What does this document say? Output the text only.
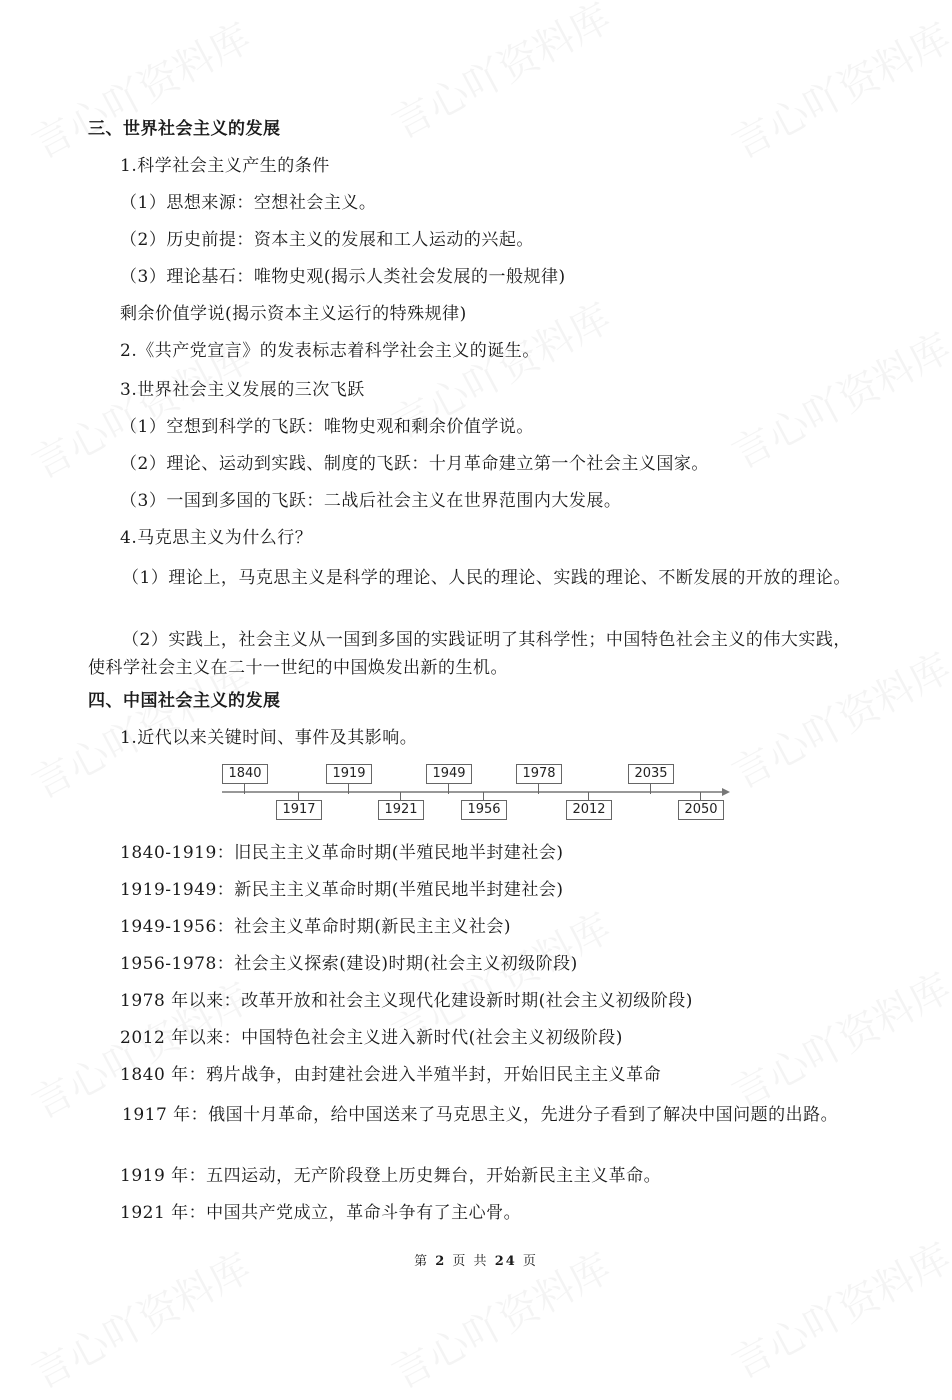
三、世界社会主义的发展
1.科学社会主义产生的条件
（1）思想来源：空想社会主义。
（2）历史前提：资本主义的发展和工人运动的兴起。
（3）理论基石：唯物史观(揭示人类社会发展的一般规律)
剩余价值学说(揭示资本主义运行的特殊规律)
2.《共产党宣言》的发表标志着科学社会主义的诞生。
3.世界社会主义发展的三次飞跃
（1）空想到科学的飞跃：唯物史观和剩余价值学说。
（2）理论、运动到实践、制度的飞跃：十月革命建立第一个社会主义国家。
（3）一国到多国的飞跃：二战后社会主义在世界范围内大发展。
4.马克思主义为什么行？
（1）理论上，马克思主义是科学的理论、人民的理论、实践的理论、不断发展的开放的理论。
（2）实践上，社会主义从一国到多国的实践证明了其科学性；中国特色社会主义的伟大实践，使科学社会主义在二十一世纪的中国焕发出新的生机。
四、中国社会主义的发展
1.近代以来关键时间、事件及其影响。
1840	1919	1949	1978	2035
1917	1921	1956	2012	2050
1840-1919：旧民主主义革命时期(半殖民地半封建社会)
1919-1949：新民主主义革命时期(半殖民地半封建社会)
1949-1956：社会主义革命时期(新民主主义社会)
1956-1978：社会主义探索(建设)时期(社会主义初级阶段)
1978 年以来：改革开放和社会主义现代化建设新时期(社会主义初级阶段)
2012 年以来：中国特色社会主义进入新时代(社会主义初级阶段)
1840 年：鸦片战争，由封建社会进入半殖半封，开始旧民主主义革命
1917 年：俄国十月革命，给中国送来了马克思主义，先进分子看到了解决中国问题的出路。
1919 年：五四运动，无产阶段登上历史舞台，开始新民主主义革命。
1921 年：中国共产党成立，革命斗争有了主心骨。
第 2 页 共 24 页
